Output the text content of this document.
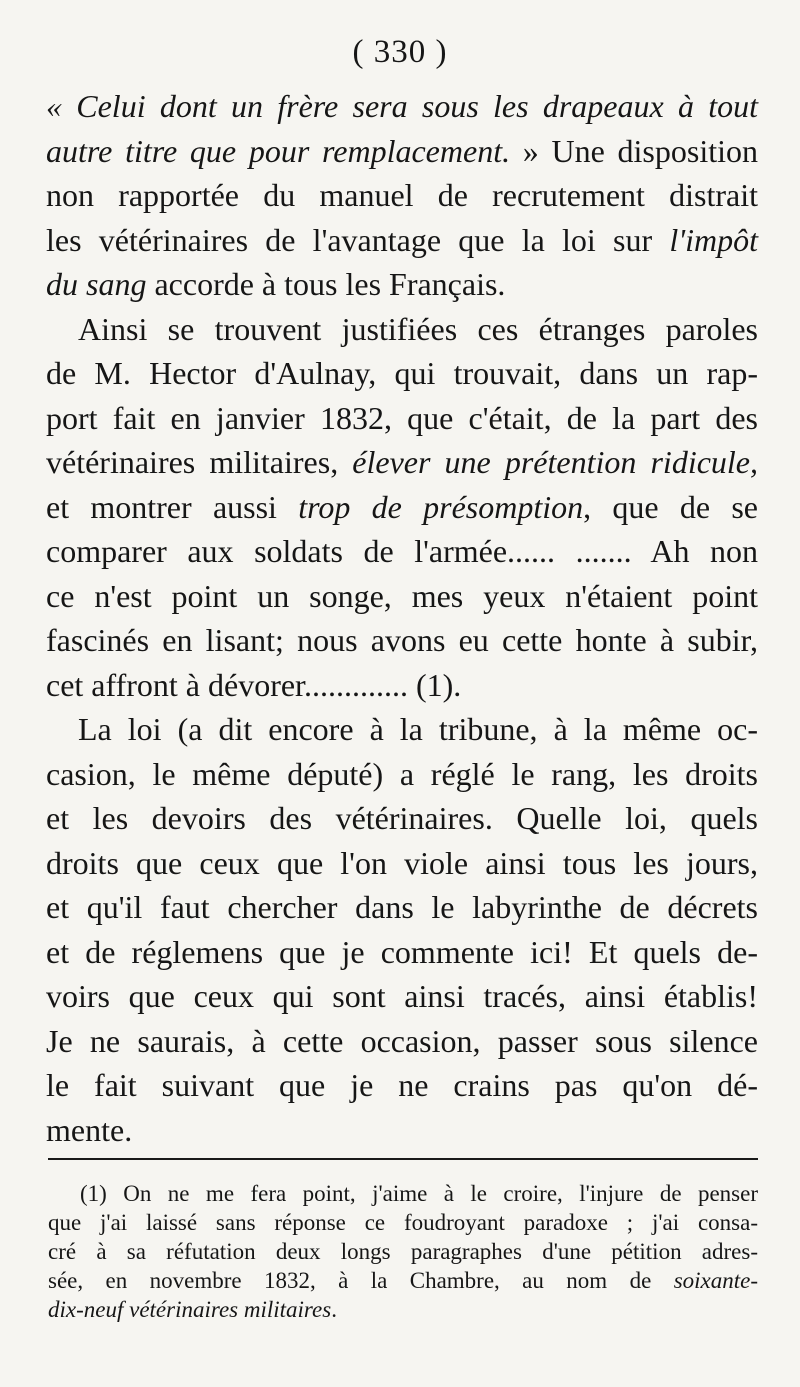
( 330 )
« Celui dont un frère sera sous les drapeaux à tout
autre titre que pour remplacement. » Une disposition
non rapportée du manuel de recrutement distrait
les vétérinaires de l'avantage que la loi sur l'impôt
du sang accorde à tous les Français.
Ainsi se trouvent justifiées ces étranges paroles
de M. Hector d'Aulnay, qui trouvait, dans un rap-
port fait en janvier 1832, que c'était, de la part des
vétérinaires militaires, élever une prétention ridicule,
et montrer aussi trop de présomption, que de se
comparer aux soldats de l'armée...... ....... Ah non
ce n'est point un songe, mes yeux n'étaient point
fascinés en lisant; nous avons eu cette honte à subir,
cet affront à dévorer............. (1).
La loi (a dit encore à la tribune, à la même oc-
casion, le même député) a réglé le rang, les droits
et les devoirs des vétérinaires. Quelle loi, quels
droits que ceux que l'on viole ainsi tous les jours,
et qu'il faut chercher dans le labyrinthe de décrets
et de réglemens que je commente ici! Et quels de-
voirs que ceux qui sont ainsi tracés, ainsi établis!
Je ne saurais, à cette occasion, passer sous silence
le fait suivant que je ne crains pas qu'on dé-
mente.
(1) On ne me fera point, j'aime à le croire, l'injure de penser
que j'ai laissé sans réponse ce foudroyant paradoxe ; j'ai consa-
cré à sa réfutation deux longs paragraphes d'une pétition adres-
sée, en novembre 1832, à la Chambre, au nom de soixante-
dix-neuf vétérinaires militaires.
